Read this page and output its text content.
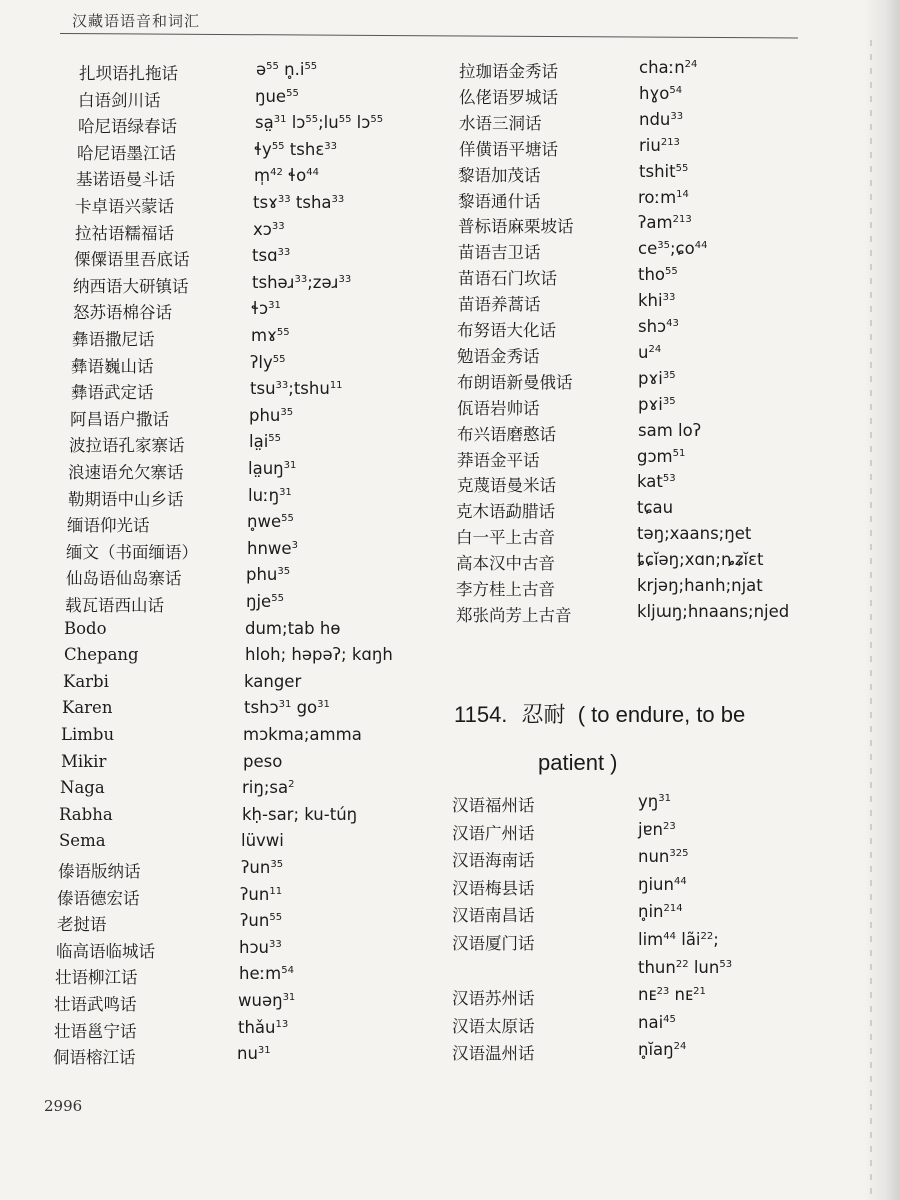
汉藏语语音和词汇
扎坝语扎拖话	ə$^{55}$ $n̥.i^{55}$
白语剑川话	ŋue$^{55}$
哈尼语绿春话	sa̤$^{31}$ $lɔ^{55};lu^{55}$ lɔ$^{55}$
哈尼语墨江话	ɬy$^{55}$ tshɛ$^{33}$
基诺语曼斗话	m̩$^{42}$ ɬo$^{44}$
卡卓语兴蒙话	tsɤ$^{33}$ tsha$^{33}$
拉祜语糯福话	xɔ$^{33}$
傈僳语里吾底话	tsɑ$^{33}$
纳西语大研镇话	tshəɹ$^{33}$;zəɹ$^{33}$
怒苏语棉谷话	ɬɔ$^{31}$
彝语撒尼话	mɤ$^{55}$
彝语巍山话	ʔly$^{55}$
彝语武定话	tsu$^{33}$;tshu$^{11}$
阿昌语户撒话	phu$^{35}$
波拉语孔家寨话	$la̤i^{55}$
浪速语允欠寨话	$la̤uŋ^{31}$
勒期语中山乡话	luːŋ$^{31}$
缅语仰光话	$n̥we^{55}$
缅文（书面缅语）	hnwe$^3$
仙岛语仙岛寨话	phu$^{35}$
载瓦语西山话	ŋje$^{55}$
Bodo	dum;tab hɵ
Chepang	hloh; həpəʔ; kɑŋh
Karbi	kanger
Karen	tshɔ$^{31}$ $go^{31}$
Limbu	mɔkma;amma
Mikir	peso
Naga	$riŋ;sa^2$
Rabha	kḥ-sar; ku-túŋ
Sema	lüvwi
傣语版纳话	ʔun$^{35}$
傣语德宏话	ʔun$^{11}$
老挝语	ʔun$^{55}$
临高语临城话	hɔu$^{33}$
壮语柳江话	heːm$^{54}$
壮语武鸣话	wuəŋ$^{31}$
壮语邕宁话	thǎu$^{13}$
侗语榕江话	$nu^{31}$
拉珈语金秀话	chaːn$^{24}$
仫佬语罗城话	hɣo$^{54}$
水语三洞话	ndu$^{33}$
佯僙语平塘话	riu$^{213}$
黎语加茂话	tshit$^{55}$
黎语通什话	roːm$^{14}$
普标语麻栗坡话	ʔam$^{213}$
苗语吉卫话	$ce^{35};ɕo^{44}$
苗语石门坎话	tho$^{55}$
苗语养蒿话	khi$^{33}$
布努语大化话	shɔ$^{43}$
勉语金秀话	$u^{24}$
布朗语新曼俄话	pɤi$^{35}$
佤语岩帅话	pɤi$^{35}$
布兴语磨憨话	sam loʔ
莽语金平话	gɔm$^{51}$
克蔑语曼米话	kat$^{53}$
克木语勐腊话	tɕau
白一平上古音	təŋ;xaans;ŋet
高本汉中古音	ȶɕĭəŋ;xɑn;ȵʑĭɛt
李方桂上古音	krjəŋ;hanh;njat
郑张尚芳上古音	kljɯŋ;hnaans;njed
1154. 忍耐 ( to endure, to be
patient )
汉语福州话	$yŋ^{31}$
汉语广州话	jɐn$^{23}$
汉语海南话	nun$^{325}$
汉语梅县话	ŋiun$^{44}$
汉语南昌话	$n̥in^{214}$
汉语厦门话	$\lim^{44}$ lãi$^{22}$;
thun$^{22}$ lun$^{53}$
汉语苏州话	nᴇ$^{23}$ nᴇ$^{21}$
汉语太原话	nai$^{45}$
汉语温州话	n̥ĭaŋ$^{24}$
2996
